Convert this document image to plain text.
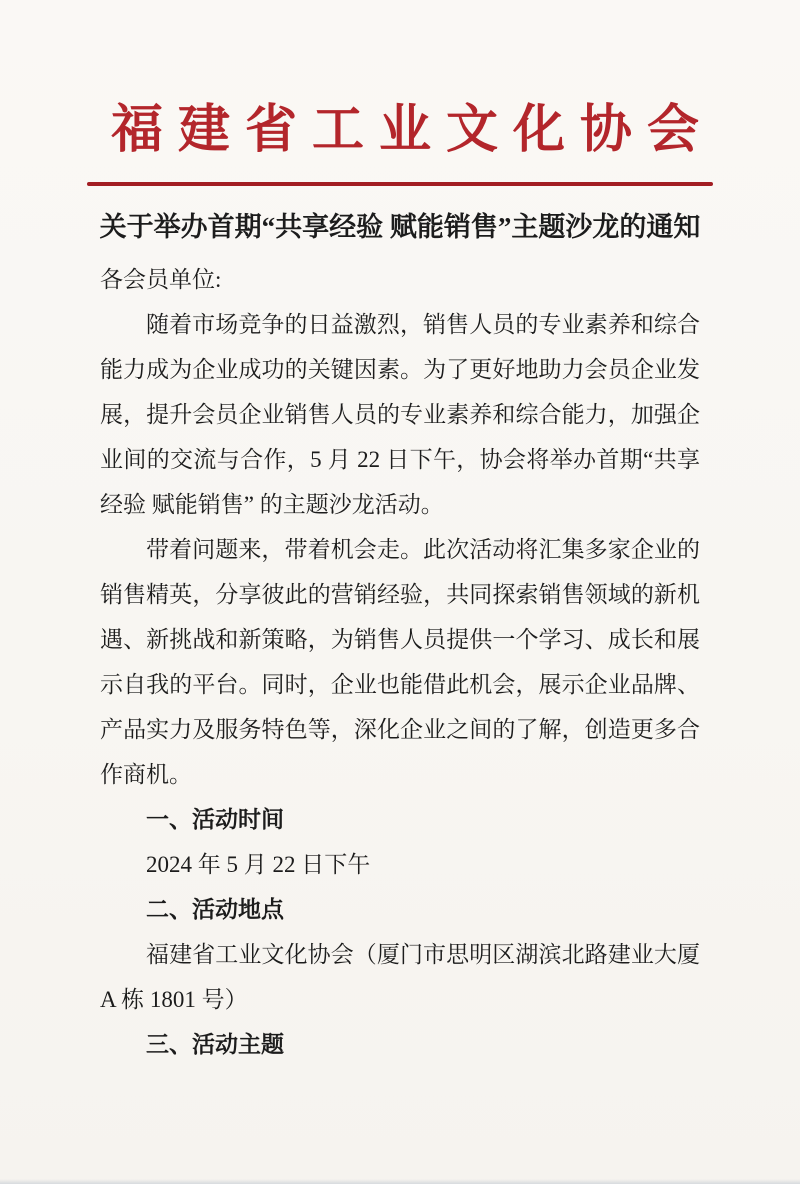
福建省工业文化协会
关于举办首期“共享经验 赋能销售”主题沙龙的通知
各会员单位:
随着市场竞争的日益激烈，销售人员的专业素养和综合
能力成为企业成功的关键因素。为了更好地助力会员企业发
展，提升会员企业销售人员的专业素养和综合能力，加强企
业间的交流与合作，5 月 22 日下午，协会将举办首期“共享
经验 赋能销售” 的主题沙龙活动。
带着问题来，带着机会走。此次活动将汇集多家企业的
销售精英，分享彼此的营销经验，共同探索销售领域的新机
遇、新挑战和新策略，为销售人员提供一个学习、成长和展
示自我的平台。同时，企业也能借此机会，展示企业品牌、
产品实力及服务特色等，深化企业之间的了解，创造更多合
作商机。
一、活动时间
2024 年 5 月 22 日下午
二、活动地点
福建省工业文化协会（厦门市思明区湖滨北路建业大厦
A 栋 1801 号）
三、活动主题
